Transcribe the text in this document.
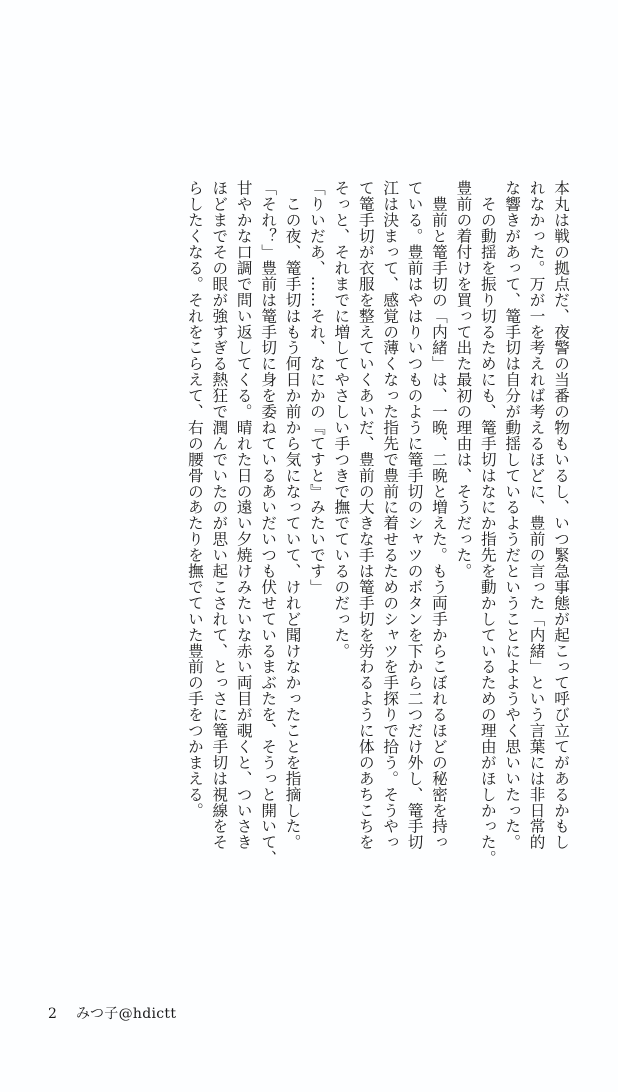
本丸は戦の拠点だ、夜警の当番の物もいるし、いつ緊急事態が起こって呼び立てがあるかもし

れなかった。万が一を考えれば考えるほどに、豊前の言った「内緒」という言葉には非日常的

な響きがあって、篭手切は自分が動揺しているようだということによようやく思いいたった。

　その動揺を振り切るためにも、篭手切はなにか指先を動かしているための理由がほしかった。

豊前の着付けを買って出た最初の理由は、そうだった。

　豊前と篭手切の「内緒」は、一晩、二晩と増えた。もう両手からこぼれるほどの秘密を持っ

ている。豊前はやはりいつものように篭手切のシャツのボタンを下から二つだけ外し、篭手切

江は決まって、感覚の薄くなった指先で豊前に着せるためのシャツを手探りで拾う。そうやっ

て篭手切が衣服を整えていくあいだ、豊前の大きな手は篭手切を労わるように体のあちこちを

そっと、それまでに増してやさしい手つきで撫でているのだった。

「りいだあ、……それ、なにかの『てすと』みたいです」

　この夜、篭手切はもう何日か前から気になっていて、けれど聞けなかったことを指摘した。

「それ？」豊前は篭手切に身を委ねているあいだいつも伏せているまぶたを、そうっと開いて、

甘やかな口調で問い返してくる。晴れた日の遠い夕焼けみたいな赤い両目が覗くと、ついさき

ほどまでその眼が強すぎる熱狂で潤んでいたのが思い起こされて、とっさに篭手切は視線をそ

らしたくなる。それをこらえて、右の腰骨のあたりを撫でていた豊前の手をつかまえる。

2 みつ子@hdictt
